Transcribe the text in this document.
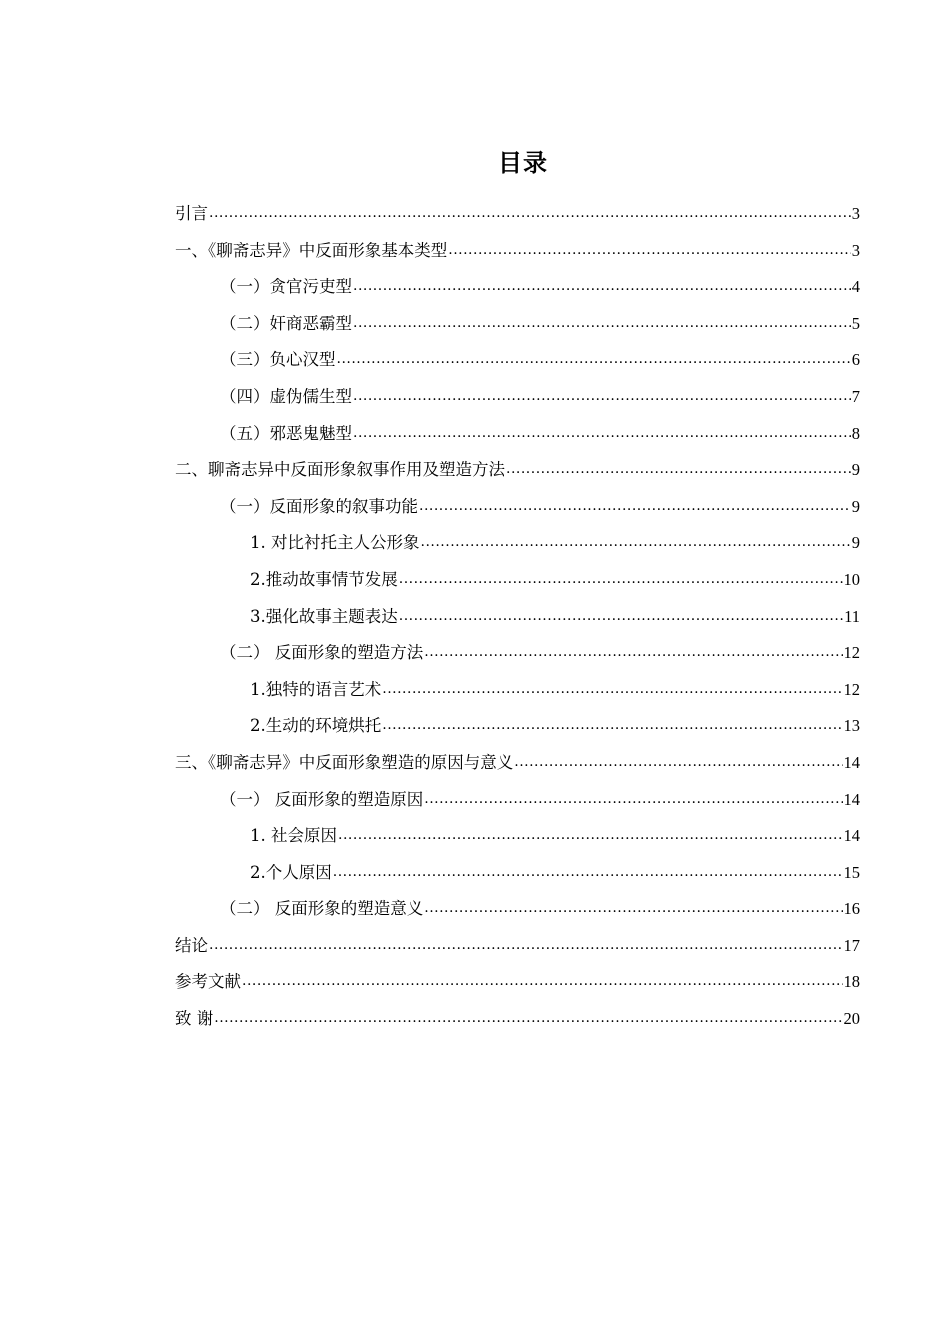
目录
引言 .....	3
一、《聊斋志异》中反面形象基本类型 .....	3
（一）贪官污吏型 .....	4
（二）奸商恶霸型 .....	5
（三）负心汉型 .....	6
（四）虚伪儒生型 .....	7
（五）邪恶鬼魅型 .....	8
二、聊斋志异中反面形象叙事作用及塑造方法 .....	9
（一）反面形象的叙事功能 .....	9
1. 对比衬托主人公形象 .....	9
2.推动故事情节发展 .....	10
3.强化故事主题表达 .....	11
（二） 反面形象的塑造方法 .....	12
1.独特的语言艺术 .....	12
2.生动的环境烘托 .....	13
三、《聊斋志异》中反面形象塑造的原因与意义 .....	14
（一） 反面形象的塑造原因 .....	14
1. 社会原因 .....	14
2.个人原因 .....	15
（二） 反面形象的塑造意义 .....	16
结论 .....	17
参考文献 .....	18
致 谢 .....	20
